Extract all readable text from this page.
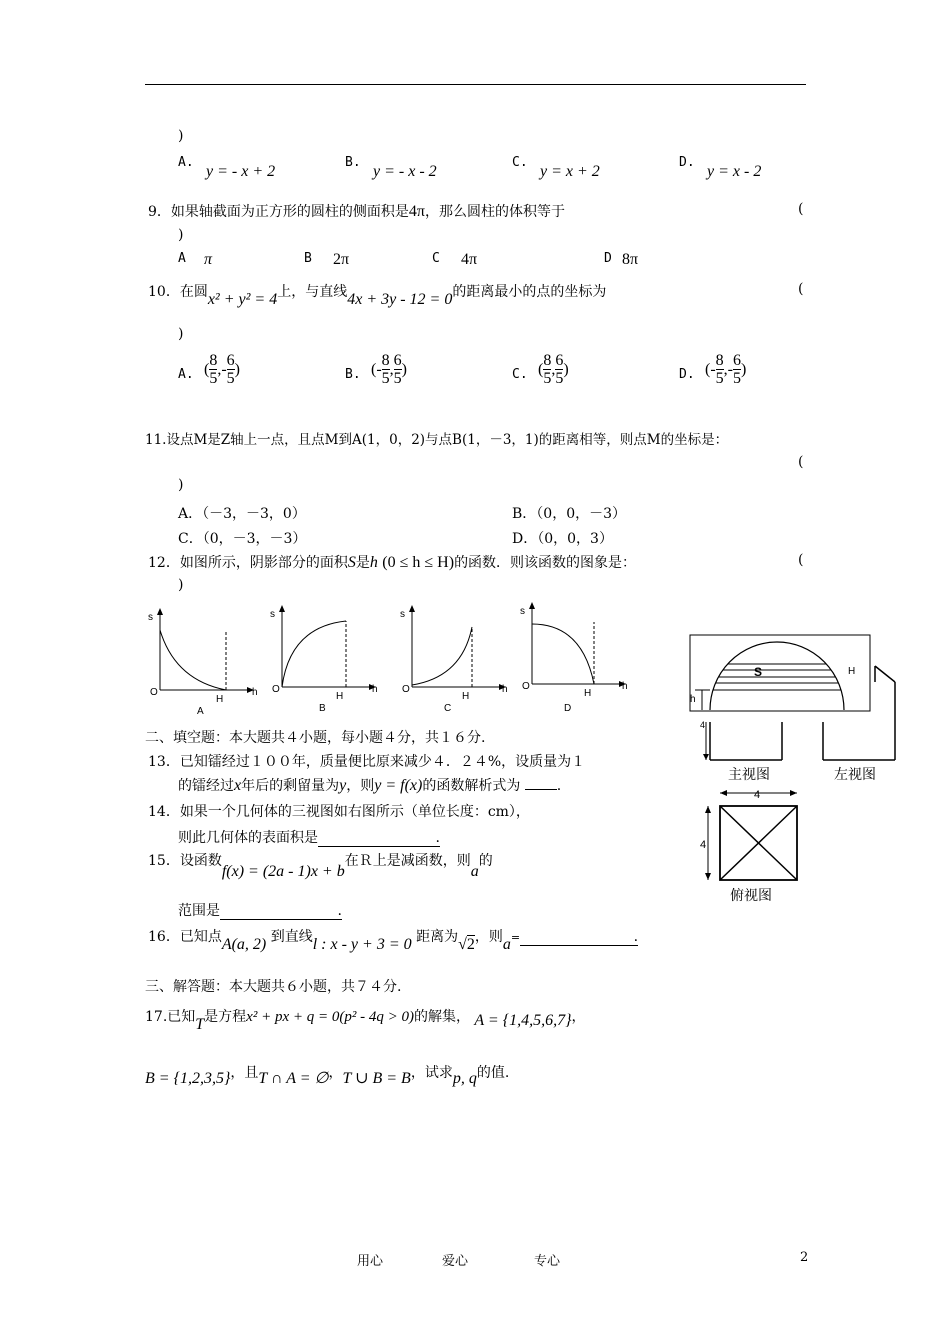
)
A.
y = - x + 2
B.
y = - x - 2
C.
y = x + 2
D.
y = x - 2
9．如果轴截面为正方形的圆柱的侧面积是4π，那么圆柱的体积等于	(
)
A π	B 2π	C 4π	D 8π
10．在圆x² + y² = 4上，与直线4x + 3y - 12 = 0的距离最小的点的坐标为	(
)
A. ( 8
5
,- 6
5
)	B. (- 8
5
, 6
5
)	C. ( 8
5
, 6
5
)	D. (- 8
5
,- 6
5
)
11.设点M是Z轴上一点，且点M到A(1，0，2)与点B(1，－3，1)的距离相等，则点M的坐标是：
(
)
A．（－3，－3，0）	B．（0，0，－3）
C．（0，－3，－3）	D．（0，0，3）
12．如图所示，阴影部分的面积S是h (0 ≤ h ≤ H)的函数．则该函数的图象是：	(
)
s
O
H
h
A
s
O
H
h
B
s
O
H
h
C
s
O
H
h
D
S	H
h
4
主视图	左视图
4
4
俯视图
二、填空题：本大题共４小题，每小题４分，共１６分.
13．已知镭经过１００年，质量便比原来减少４．２４%，设质量为１
的镭经过x年后的剩留量为y，则y = f(x)的函数解析式为	.
14．如果一个几何体的三视图如右图所示（单位长度：cm），
则此几何体的表面积是	.
15．设函数f(x) = (2a - 1)x + b在Ｒ上是减函数，则a的
范围是	.
16．已知点A(a, 2) 到直线l : x - y + 3 = 0 距离为√2，则a=	.
三、解答题：本大题共６小题，共７４分.
17.已知T是方程x² + px + q = 0(p² - 4q > 0)的解集， A = {1,4,5,6,7}，
B = {1,2,3,5}，且T ∩ A = ∅，T ∪ B = B，试求p, q的值.
用心	爱心	专心	2
